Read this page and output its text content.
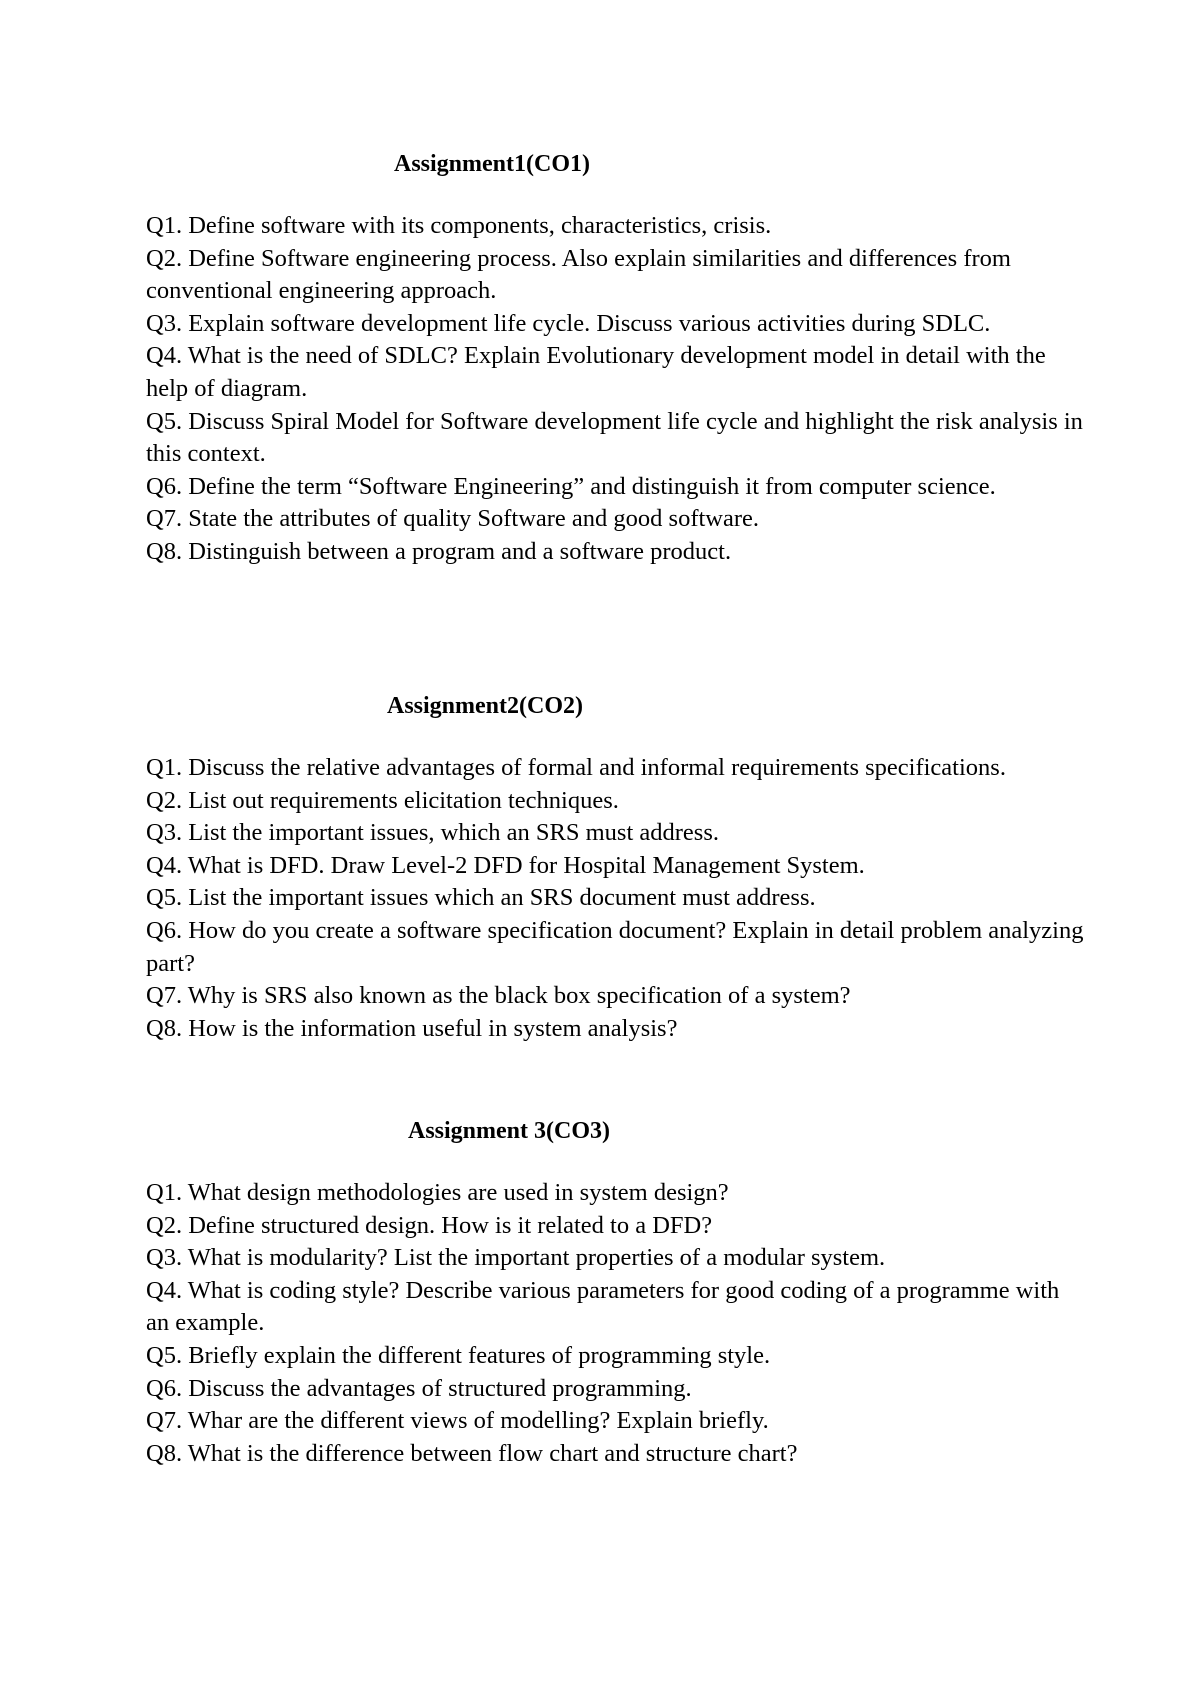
Assignment1(CO1)

Q1. Define software with its components, characteristics, crisis.

Q2. Define Software engineering process. Also explain similarities and differences from conventional engineering approach.

Q3. Explain software development life cycle. Discuss various activities during SDLC.

Q4. What is the need of SDLC? Explain Evolutionary development model in detail with the help of diagram.

Q5. Discuss Spiral Model for Software development life cycle and highlight the risk analysis in this context.

Q6. Define the term “Software Engineering” and distinguish it from computer science.

Q7. State the attributes of quality Software and good software.

Q8. Distinguish between a program and a software product.

Assignment2(CO2)

Q1. Discuss the relative advantages of formal and informal requirements specifications.

Q2. List out requirements elicitation techniques.

Q3. List the important issues, which an SRS must address.

Q4. What is DFD. Draw Level-2 DFD for Hospital Management System.

Q5. List the important issues which an SRS document must address.

Q6. How do you create a software specification document? Explain in detail problem analyzing part?

Q7. Why is SRS also known as the black box specification of a system?

Q8. How is the information useful in system analysis?

Assignment 3(CO3)

Q1. What design methodologies are used in system design?

Q2. Define structured design. How is it related to a DFD?

Q3. What is modularity? List the important properties of a modular system.

Q4. What is coding style? Describe various parameters for good coding of a programme with an example.

Q5. Briefly explain the different features of programming style.

Q6. Discuss the advantages of structured programming.

Q7. Whar are the different views of modelling? Explain briefly.

Q8. What is the difference between flow chart and structure chart?
